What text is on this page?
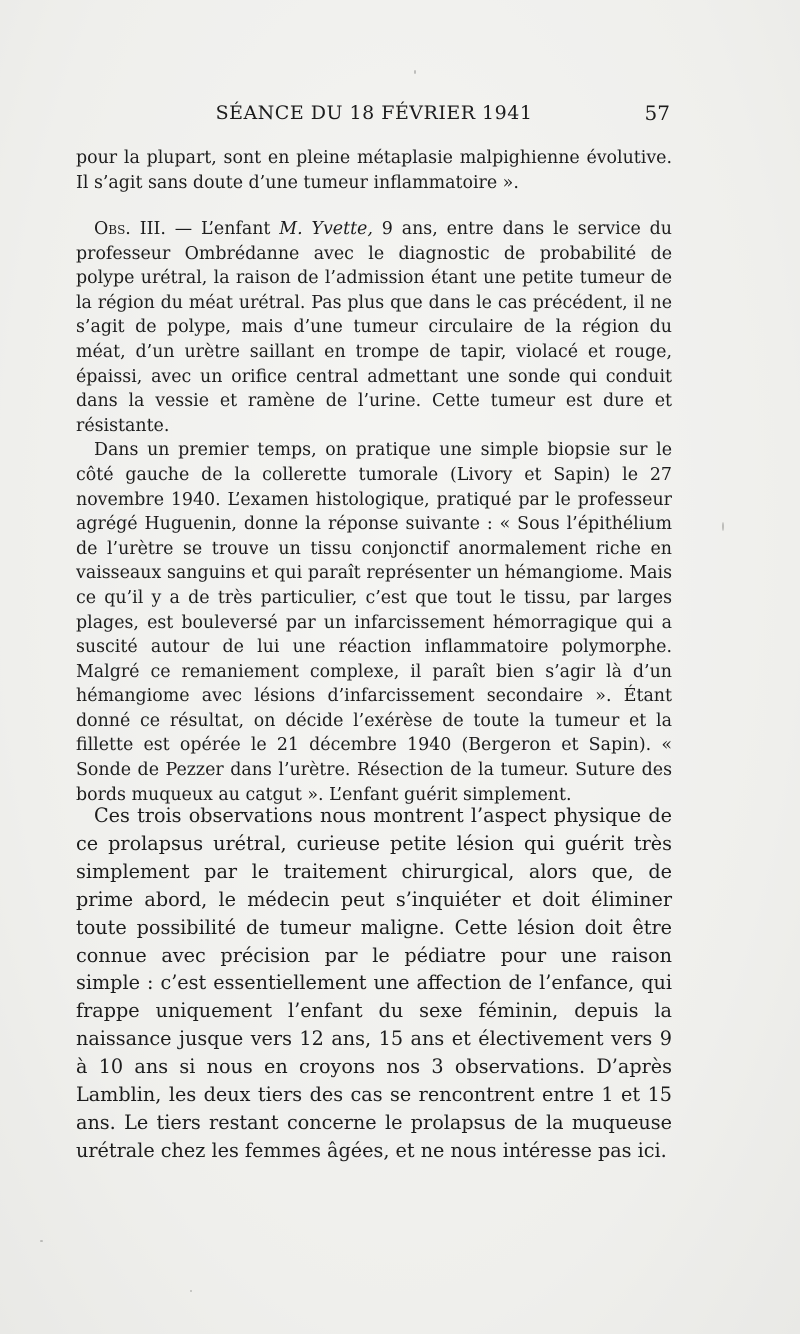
SÉANCE DU 18 FÉVRIER 1941	57

pour la plupart, sont en pleine métaplasie malpighienne évolutive. Il s’agit sans doute d’une tumeur inflammatoire ».

Obs. III. — L’enfant M. Yvette, 9 ans, entre dans le service du professeur Ombrédanne avec le diagnostic de probabilité de polype urétral, la raison de l’admission étant une petite tumeur de la région du méat urétral. Pas plus que dans le cas précédent, il ne s’agit de polype, mais d’une tumeur circulaire de la région du méat, d’un urètre saillant en trompe de tapir, violacé et rouge, épaissi, avec un orifice central admettant une sonde qui conduit dans la vessie et ramène de l’urine. Cette tumeur est dure et résistante.

Dans un premier temps, on pratique une simple biopsie sur le côté gauche de la collerette tumorale (Livory et Sapin) le 27 novembre 1940. L’examen histologique, pratiqué par le professeur agrégé Huguenin, donne la réponse suivante : « Sous l’épithélium de l’urètre se trouve un tissu conjonctif anormalement riche en vaisseaux sanguins et qui paraît représenter un hémangiome. Mais ce qu’il y a de très particulier, c’est que tout le tissu, par larges plages, est bouleversé par un infarcissement hémorragique qui a suscité autour de lui une réaction inflammatoire polymorphe. Malgré ce remaniement complexe, il paraît bien s’agir là d’un hémangiome avec lésions d’infarcissement secondaire ». Étant donné ce résultat, on décide l’exérèse de toute la tumeur et la fillette est opérée le 21 décembre 1940 (Bergeron et Sapin). « Sonde de Pezzer dans l’urètre. Résection de la tumeur. Suture des bords muqueux au catgut ». L’enfant guérit simplement.

Ces trois observations nous montrent l’aspect physique de ce prolapsus urétral, curieuse petite lésion qui guérit très simplement par le traitement chirurgical, alors que, de prime abord, le médecin peut s’inquiéter et doit éliminer toute possibilité de tumeur maligne. Cette lésion doit être connue avec précision par le pédiatre pour une raison simple : c’est essentiellement une affection de l’enfance, qui frappe uniquement l’enfant du sexe féminin, depuis la naissance jusque vers 12 ans, 15 ans et électivement vers 9 à 10 ans si nous en croyons nos 3 observations. D’après Lamblin, les deux tiers des cas se rencontrent entre 1 et 15 ans. Le tiers restant concerne le prolapsus de la muqueuse urétrale chez les femmes âgées, et ne nous intéresse pas ici.
